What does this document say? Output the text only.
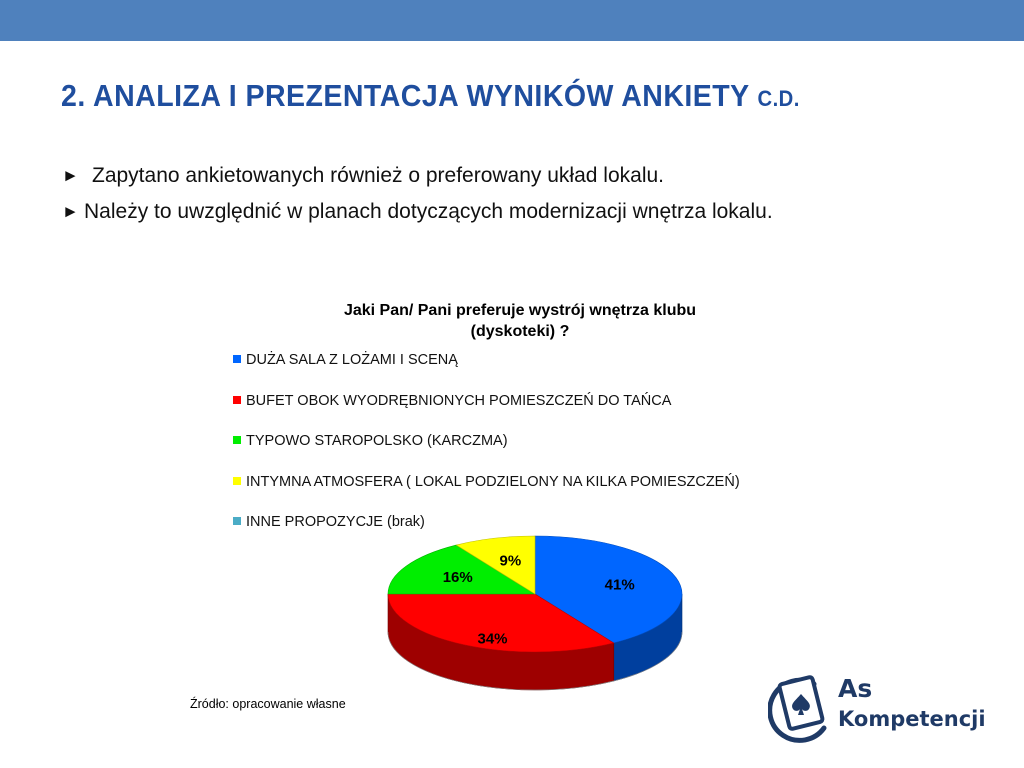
2. ANALIZA I PREZENTACJA WYNIKÓW ANKIETY C.D.
► Zapytano ankietowanych również o preferowany układ lokalu.
► Należy to uwzględnić w planach dotyczących modernizacji wnętrza lokalu.
Jaki Pan/ Pani preferuje wystrój wnętrza klubu
(dyskoteki) ?
DUŻA SALA Z LOŻAMI I SCENĄ
BUFET OBOK WYODRĘBNIONYCH POMIESZCZEŃ DO TAŃCA
TYPOWO STAROPOLSKO (KARCZMA)
INTYMNA ATMOSFERA ( LOKAL PODZIELONY NA KILKA POMIESZCZEŃ)
INNE PROPOZYCJE (brak)
41%
34%
16%
9%
Źródło: opracowanie własne
As
Kompetencji
